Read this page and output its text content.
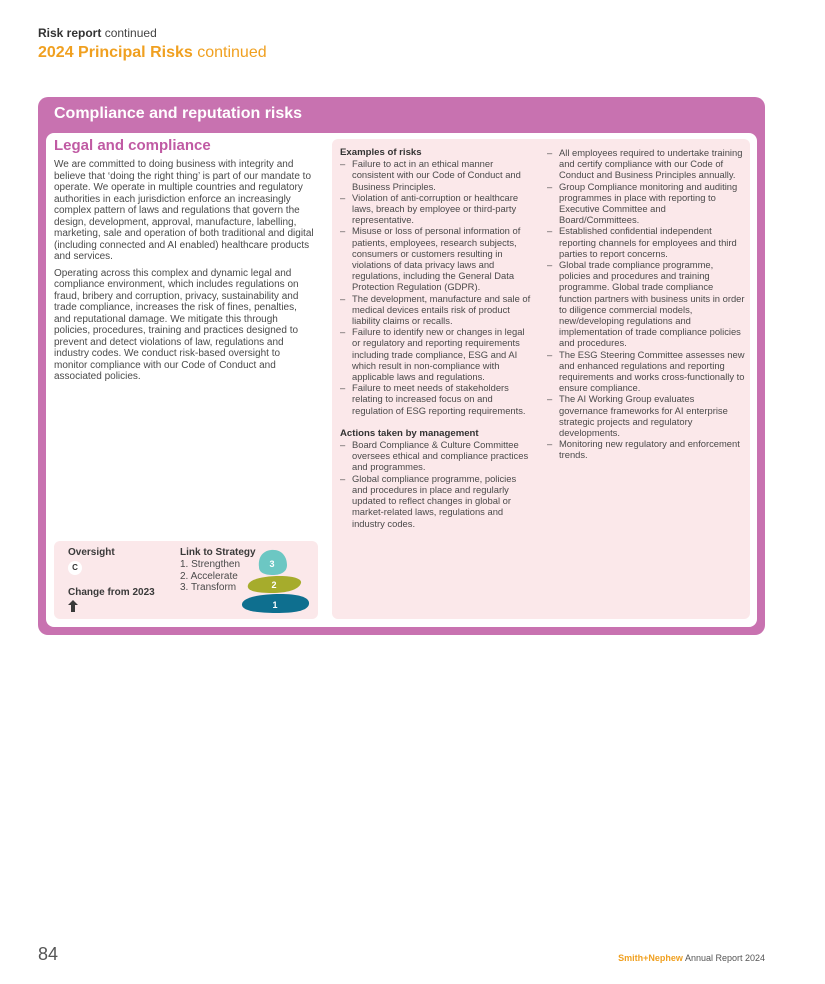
Risk report continued
2024 Principal Risks continued
Compliance and reputation risks
Legal and compliance

We are committed to doing business with integrity and believe that ‘doing the right thing’ is part of our mandate to operate. We operate in multiple countries and regulatory authorities in each jurisdiction enforce an increasingly complex pattern of laws and regulations that govern the design, development, approval, manufacture, labelling, marketing, sale and operation of both traditional and digital (including connected and AI enabled) healthcare products and services.

Operating across this complex and dynamic legal and compliance environment, which includes regulations on fraud, bribery and corruption, privacy, sustainability and trade compliance, increases the risk of fines, penalties, and reputational damage. We mitigate this through policies, procedures, training and practices designed to prevent and detect violations of law, regulations and industry codes. We conduct risk-based oversight to monitor compliance with our Code of Conduct and associated policies.

Oversight
C
Change from 2023
Link to Strategy
1. Strengthen
2. Accelerate
3. Transform
3
2
1

Examples of risks

– Failure to act in an ethical manner consistent with our Code of Conduct and Business Principles.
– Violation of anti-corruption or healthcare laws, breach by employee or third-party representative.
– Misuse or loss of personal information of patients, employees, research subjects, consumers or customers resulting in violations of data privacy laws and regulations, including the General Data Protection Regulation (GDPR).
– The development, manufacture and sale of medical devices entails risk of product liability claims or recalls.
– Failure to identify new or changes in legal or regulatory and reporting requirements including trade compliance, ESG and AI which result in non-compliance with applicable laws and regulations.
– Failure to meet needs of stakeholders relating to increased focus on and regulation of ESG reporting requirements.

Actions taken by management

– Board Compliance & Culture Committee oversees ethical and compliance practices and programmes.
– Global compliance programme, policies and procedures in place and regularly updated to reflect changes in global or market-related laws, regulations and industry codes.
– All employees required to undertake training and certify compliance with our Code of Conduct and Business Principles annually.
– Group Compliance monitoring and auditing programmes in place with reporting to Executive Committee and Board/Committees.
– Established confidential independent reporting channels for employees and third parties to report concerns.
– Global trade compliance programme, policies and procedures and training programme. Global trade compliance function partners with business units in order to diligence commercial models, new/developing regulations and implementation of trade compliance policies and procedures.
– The ESG Steering Committee assesses new and enhanced regulations and reporting requirements and works cross-functionally to ensure compliance.
– The AI Working Group evaluates governance frameworks for AI enterprise strategic projects and regulatory developments.
– Monitoring new regulatory and enforcement trends.
84	Smith+Nephew Annual Report 2024
